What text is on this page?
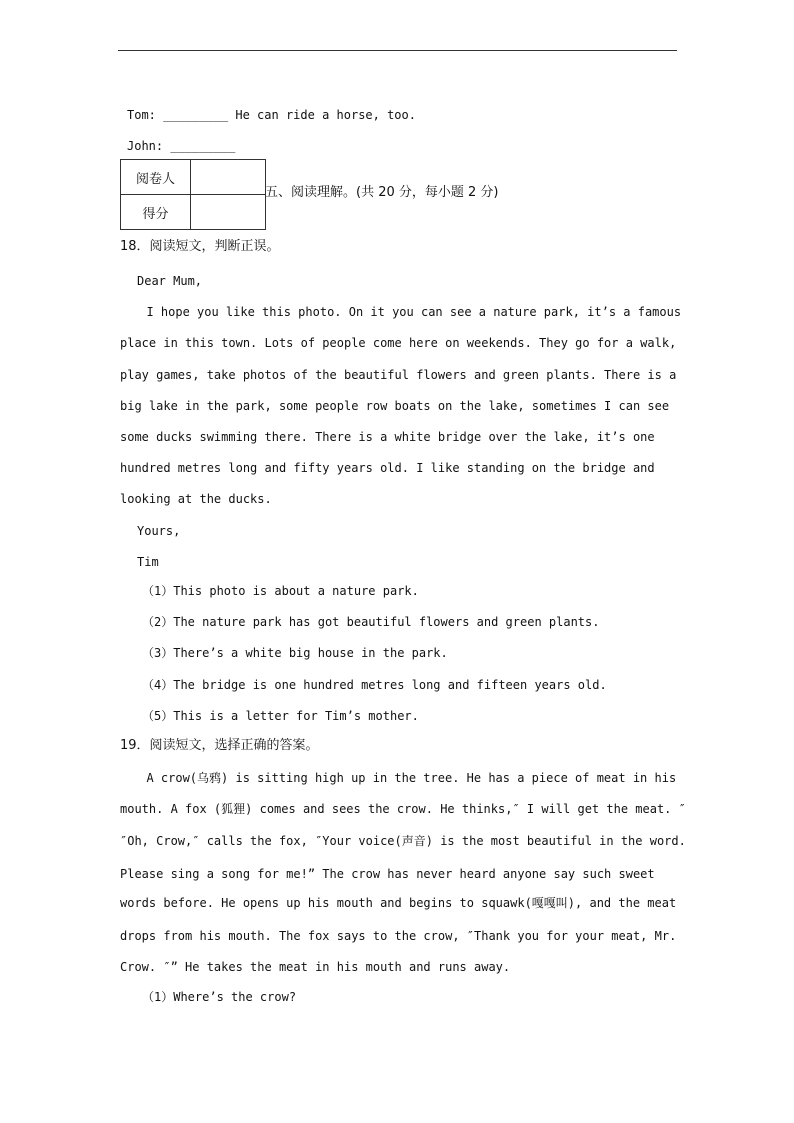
Tom: _________ He can ride a horse, too.
John: _________
阅卷人	
得分	
五、阅读理解。(共 20 分，每小题 2 分)
18．阅读短文，判断正误。
Dear Mum,
I hope you like this photo. On it you can see a nature park, it’s a famous
place in this town. Lots of people come here on weekends. They go for a walk,
play games, take photos of the beautiful flowers and green plants. There is a
big lake in the park, some people row boats on the lake, sometimes I can see
some ducks swimming there. There is a white bridge over the lake, it’s one
hundred metres long and fifty years old. I like standing on the bridge and
looking at the ducks.
Yours,
Tim
（1）This photo is about a nature park.
（2）The nature park has got beautiful flowers and green plants.
（3）There’s a white big house in the park.
（4）The bridge is one hundred metres long and fifteen years old.
（5）This is a letter for Tim’s mother.
19．阅读短文，选择正确的答案。
A crow(乌鸦) is sitting high up in the tree. He has a piece of meat in his
mouth. A fox (狐狸) comes and sees the crow. He thinks,″ I will get the meat. ″
″Oh, Crow,″ calls the fox, ″Your voice(声音) is the most beautiful in the word.
Please sing a song for me!” The crow has never heard anyone say such sweet
words before. He opens up his mouth and begins to squawk(嘎嘎叫), and the meat
drops from his mouth. The fox says to the crow, ″Thank you for your meat, Mr.
Crow. ″” He takes the meat in his mouth and runs away.
（1）Where’s the crow?
